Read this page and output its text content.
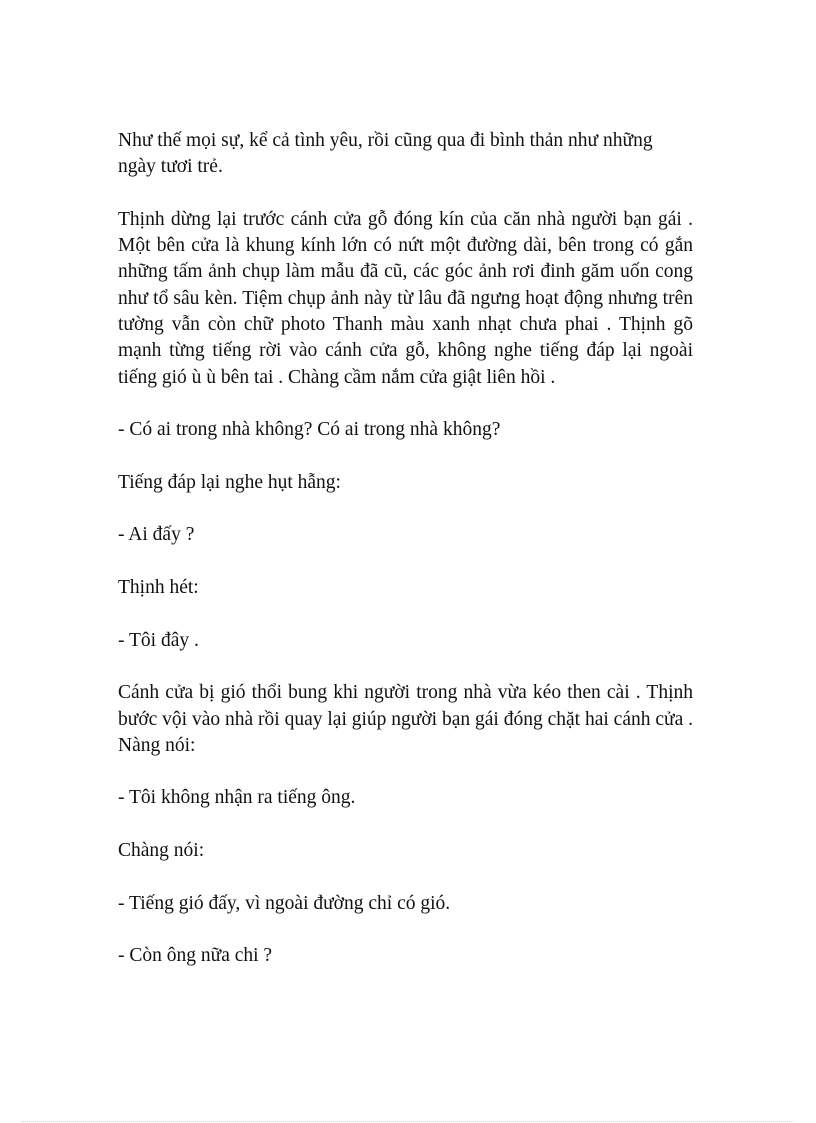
Như thế mọi sự, kể cả tình yêu, rồi cũng qua đi bình thản như những ngày tươi trẻ.

Thịnh dừng lại trước cánh cửa gỗ đóng kín của căn nhà người bạn gái . Một bên cửa là khung kính lớn có nứt một đường dài, bên trong có gắn những tấm ảnh chụp làm mẫu đã cũ, các góc ảnh rơi đinh găm uốn cong như tổ sâu kèn. Tiệm chụp ảnh này từ lâu đã ngưng hoạt động nhưng trên tường vẫn còn chữ photo Thanh màu xanh nhạt chưa phai . Thịnh gõ mạnh từng tiếng rời vào cánh cửa gỗ, không nghe tiếng đáp lại ngoài tiếng gió ù ù bên tai . Chàng cầm nắm cửa giật liên hồi .

- Có ai trong nhà không? Có ai trong nhà không?

Tiếng đáp lại nghe hụt hẫng:

- Ai đấy ?

Thịnh hét:

- Tôi đây .

Cánh cửa bị gió thổi bung khi người trong nhà vừa kéo then cài . Thịnh bước vội vào nhà rồi quay lại giúp người bạn gái đóng chặt hai cánh cửa . Nàng nói:

- Tôi không nhận ra tiếng ông.

Chàng nói:

- Tiếng gió đấy, vì ngoài đường chỉ có gió.

- Còn ông nữa chi ?
